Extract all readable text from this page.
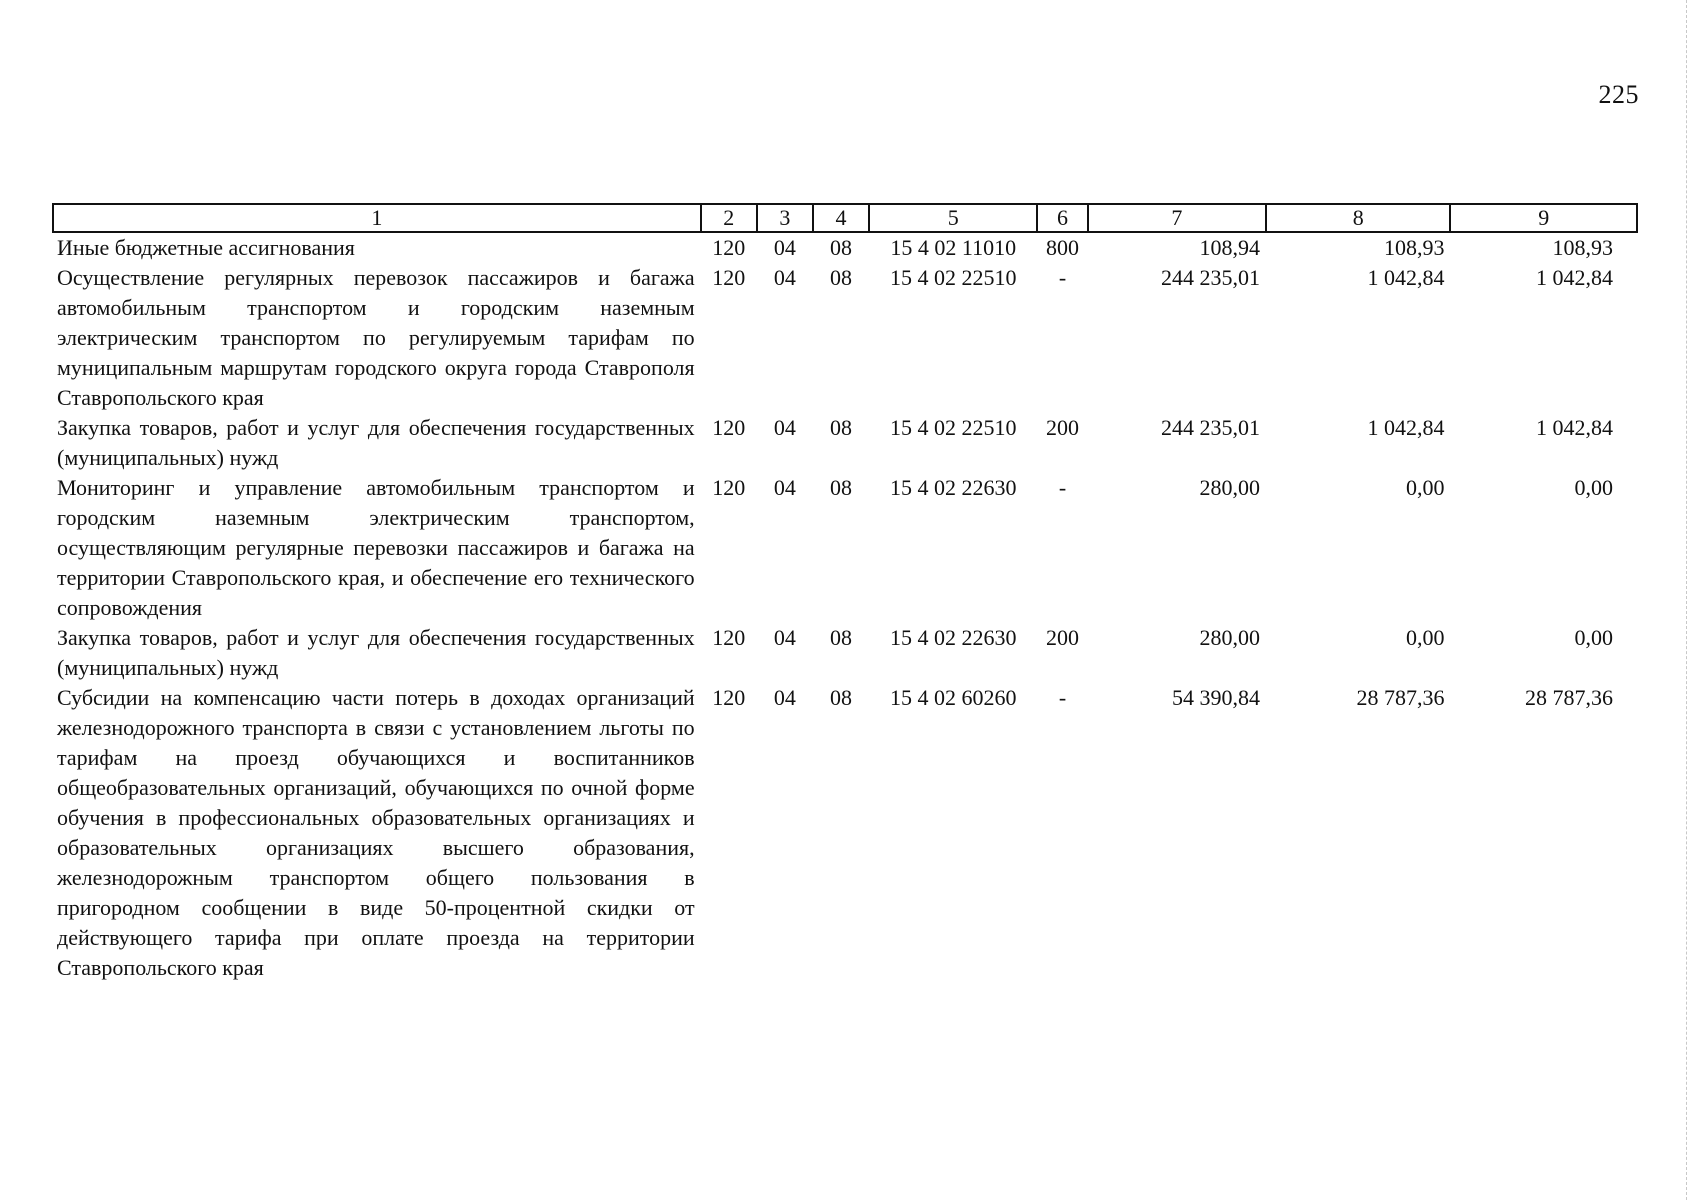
225
1	2	3	4	5	6	7	8	9
Иные бюджетные ассигнования	120	04	08	15 4 02 11010	800	108,94	108,93	108,93
Осуществление регулярных перевозок пассажиров и багажа автомобильным транспортом и городским наземным электрическим транспортом по регулируемым тарифам по муниципальным маршрутам городского округа города Ставрополя Ставропольского края	120	04	08	15 4 02 22510	-	244 235,01	1 042,84	1 042,84
Закупка товаров, работ и услуг для обеспечения государственных (муниципальных) нужд	120	04	08	15 4 02 22510	200	244 235,01	1 042,84	1 042,84
Мониторинг и управление автомобильным транспортом и городским наземным электрическим транспортом, осуществляющим регулярные перевозки пассажиров и багажа на территории Ставропольского края, и обеспечение его технического сопровождения	120	04	08	15 4 02 22630	-	280,00	0,00	0,00
Закупка товаров, работ и услуг для обеспечения государственных (муниципальных) нужд	120	04	08	15 4 02 22630	200	280,00	0,00	0,00
Субсидии на компенсацию части потерь в доходах организаций железнодорожного транспорта в связи с установлением льготы по тарифам на проезд обучающихся и воспитанников общеобразовательных организаций, обучающихся по очной форме обучения в профессиональных образовательных организациях и образовательных организациях высшего образования, железнодорожным транспортом общего пользования в пригородном сообщении в виде 50-процентной скидки от действующего тарифа при оплате проезда на территории Ставропольского края	120	04	08	15 4 02 60260	-	54 390,84	28 787,36	28 787,36
